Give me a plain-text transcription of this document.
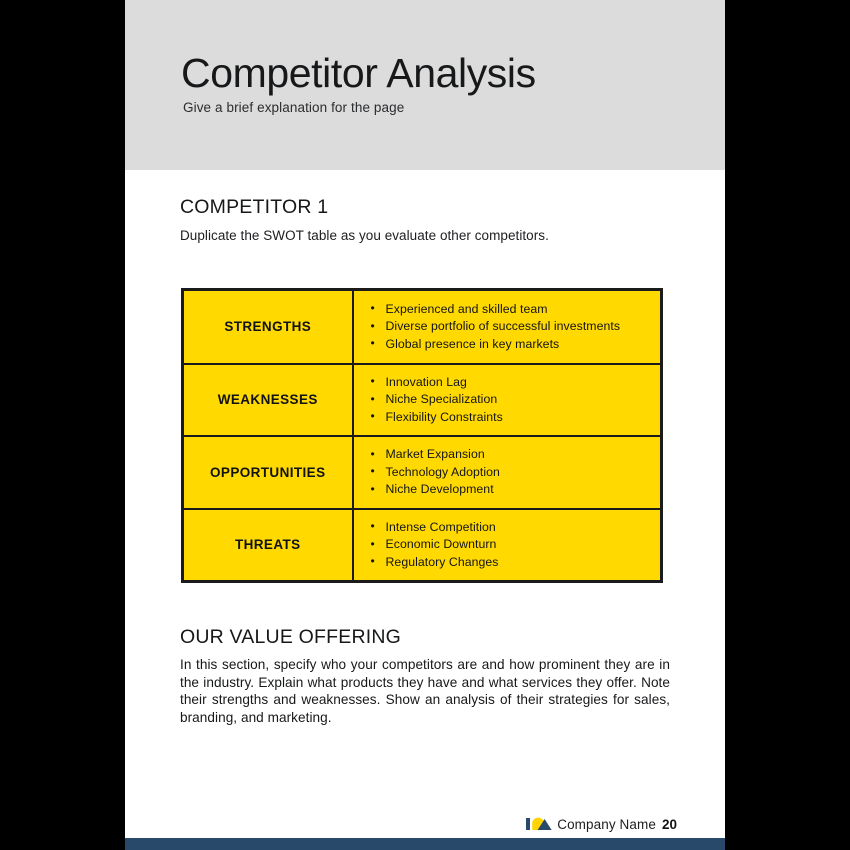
Competitor Analysis
Give a brief explanation for the page
COMPETITOR 1
Duplicate the SWOT table as you evaluate other competitors.
STRENGTHS	
• Experienced and skilled team
• Diverse portfolio of successful investments
• Global presence in key markets

WEAKNESSES	
• Innovation Lag
• Niche Specialization
• Flexibility Constraints

OPPORTUNITIES	
• Market Expansion
• Technology Adoption
• Niche Development

THREATS	
• Intense Competition
• Economic Downturn
• Regulatory Changes
OUR VALUE OFFERING
In this section, specify who your competitors are and how prominent they are in the industry. Explain what products they have and what services they offer. Note their strengths and weaknesses. Show an analysis of their strategies for sales, branding, and marketing.
Company Name 20
